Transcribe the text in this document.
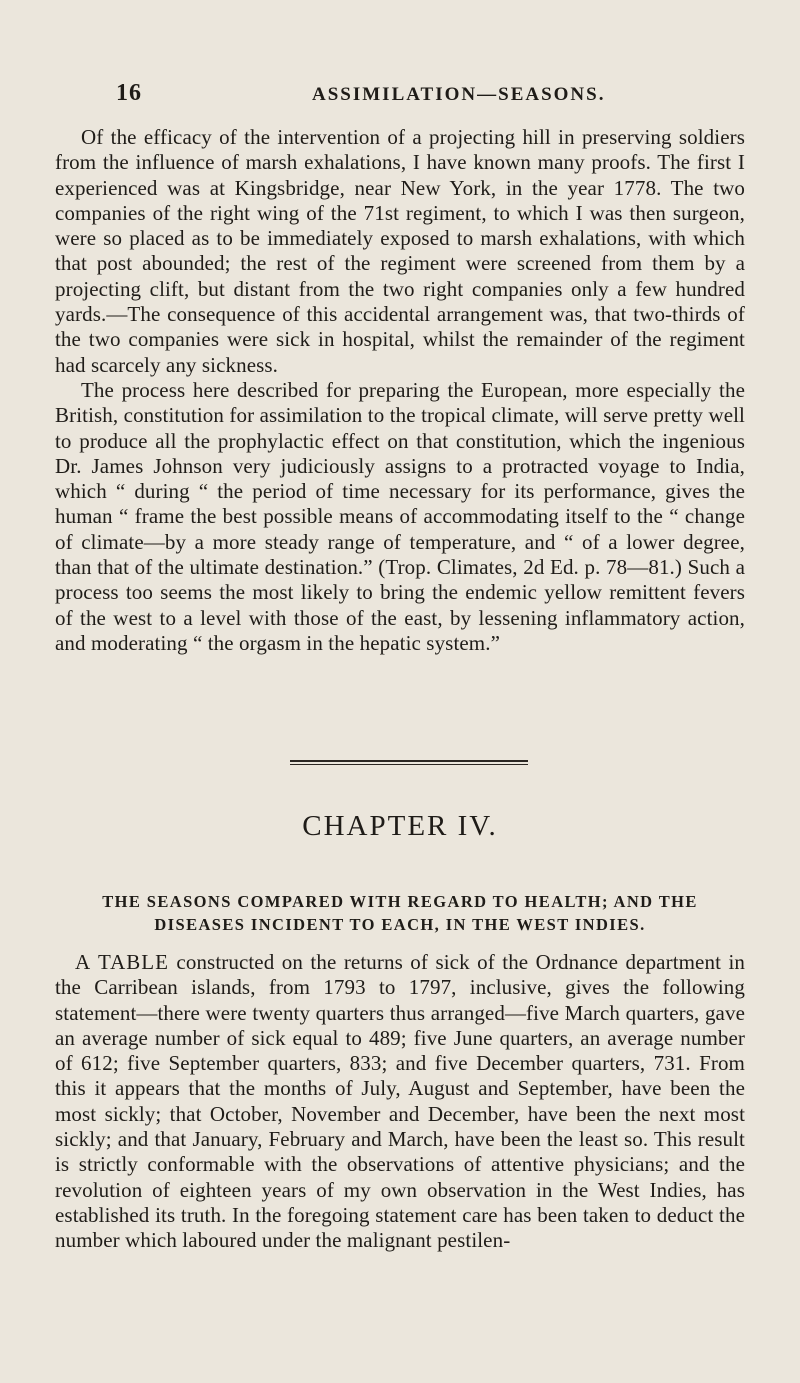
16	ASSIMILATION—SEASONS.

Of the efficacy of the intervention of a projecting hill in preserving soldiers from the influence of marsh exhalations, I have known many proofs. The first I experienced was at Kingsbridge, near New York, in the year 1778. The two companies of the right wing of the 71st regiment, to which I was then surgeon, were so placed as to be immediately exposed to marsh exhalations, with which that post abounded; the rest of the regiment were screened from them by a projecting clift, but distant from the two right companies only a few hundred yards.—The consequence of this accidental arrangement was, that two-thirds of the two companies were sick in hospital, whilst the remainder of the regiment had scarcely any sickness.

The process here described for preparing the European, more especially the British, constitution for assimilation to the tropical climate, will serve pretty well to produce all the prophylactic effect on that constitution, which the ingenious Dr. James Johnson very judiciously assigns to a protracted voyage to India, which “ during “ the period of time necessary for its performance, gives the human “ frame the best possible means of accommodating itself to the “ change of climate—by a more steady range of temperature, and “ of a lower degree, than that of the ultimate destination.” (Trop. Climates, 2d Ed. p. 78—81.) Such a process too seems the most likely to bring the endemic yellow remittent fevers of the west to a level with those of the east, by lessening inflammatory action, and moderating “ the orgasm in the hepatic system.”

CHAPTER IV.
THE SEASONS COMPARED WITH REGARD TO HEALTH; AND THE DISEASES INCIDENT TO EACH, IN THE WEST INDIES.

A TABLE constructed on the returns of sick of the Ordnance department in the Carribean islands, from 1793 to 1797, inclusive, gives the following statement—there were twenty quarters thus arranged—five March quarters, gave an average number of sick equal to 489; five June quarters, an average number of 612; five September quarters, 833; and five December quarters, 731. From this it appears that the months of July, August and September, have been the most sickly; that October, November and December, have been the next most sickly; and that January, February and March, have been the least so. This result is strictly conformable with the observations of attentive physicians; and the revolution of eighteen years of my own observation in the West Indies, has established its truth. In the foregoing statement care has been taken to deduct the number which laboured under the malignant pestilen-
